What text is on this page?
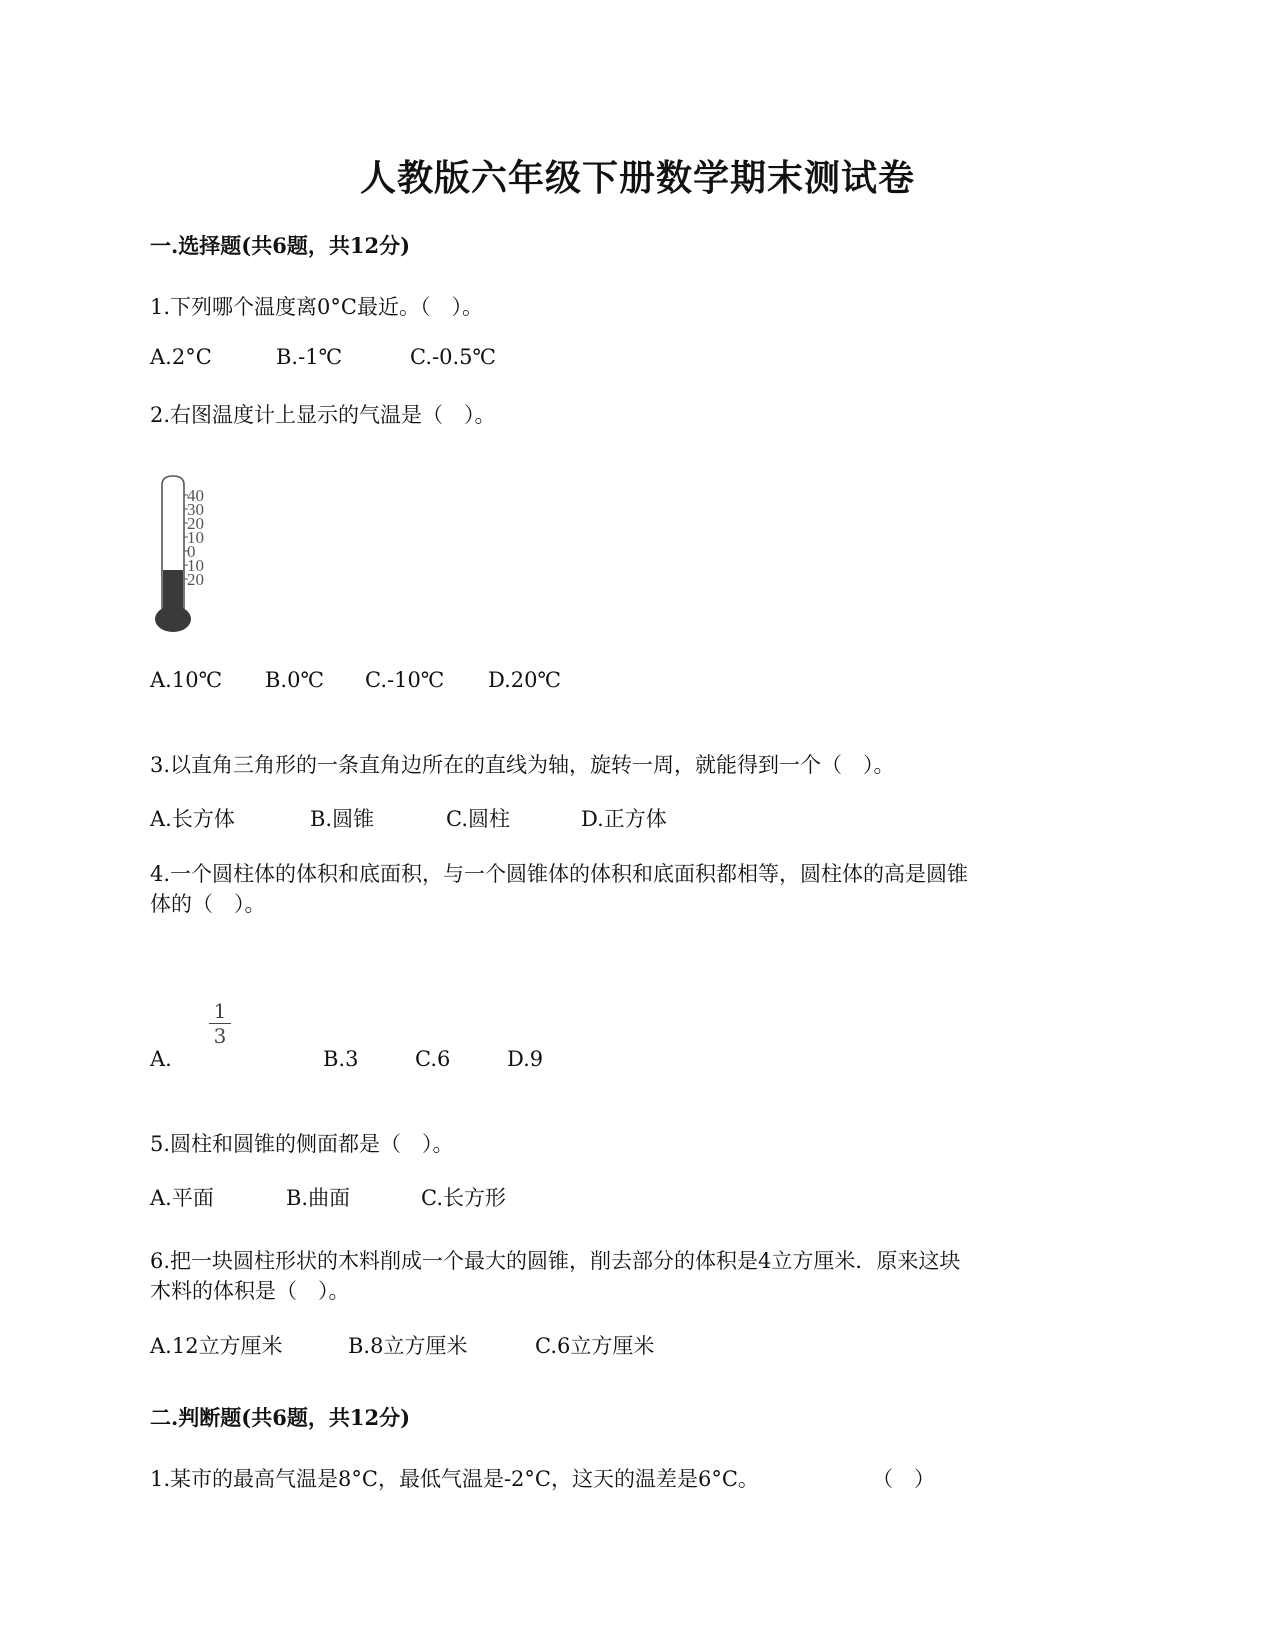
人教版六年级下册数学期末测试卷
一.选择题(共6题，共12分)
1.下列哪个温度离0°C最近。（　）。
A.2°C	B.-1℃	C.-0.5℃
2.右图温度计上显示的气温是（　）。
40
30
20
10
0
10
20
A.10℃ B.0℃ C.-10℃ D.20℃
3.以直角三角形的一条直角边所在的直线为轴，旋转一周，就能得到一个（　）。
A.长方体	B.圆锥	C.圆柱	D.正方体
4.一个圆柱体的体积和底面积，与一个圆锥体的体积和底面积都相等，圆柱体的高是圆锥
体的（　）。
A.
1
3
B.3	C.6	D.9
5.圆柱和圆锥的侧面都是（　）。
A.平面	B.曲面	C.长方形
6.把一块圆柱形状的木料削成一个最大的圆锥，削去部分的体积是4立方厘米．原来这块
木料的体积是（　）。
A.12立方厘米	B.8立方厘米	C.6立方厘米
二.判断题(共6题，共12分)
1.某市的最高气温是8°C，最低气温是-2°C，这天的温差是6°C。	（　）
